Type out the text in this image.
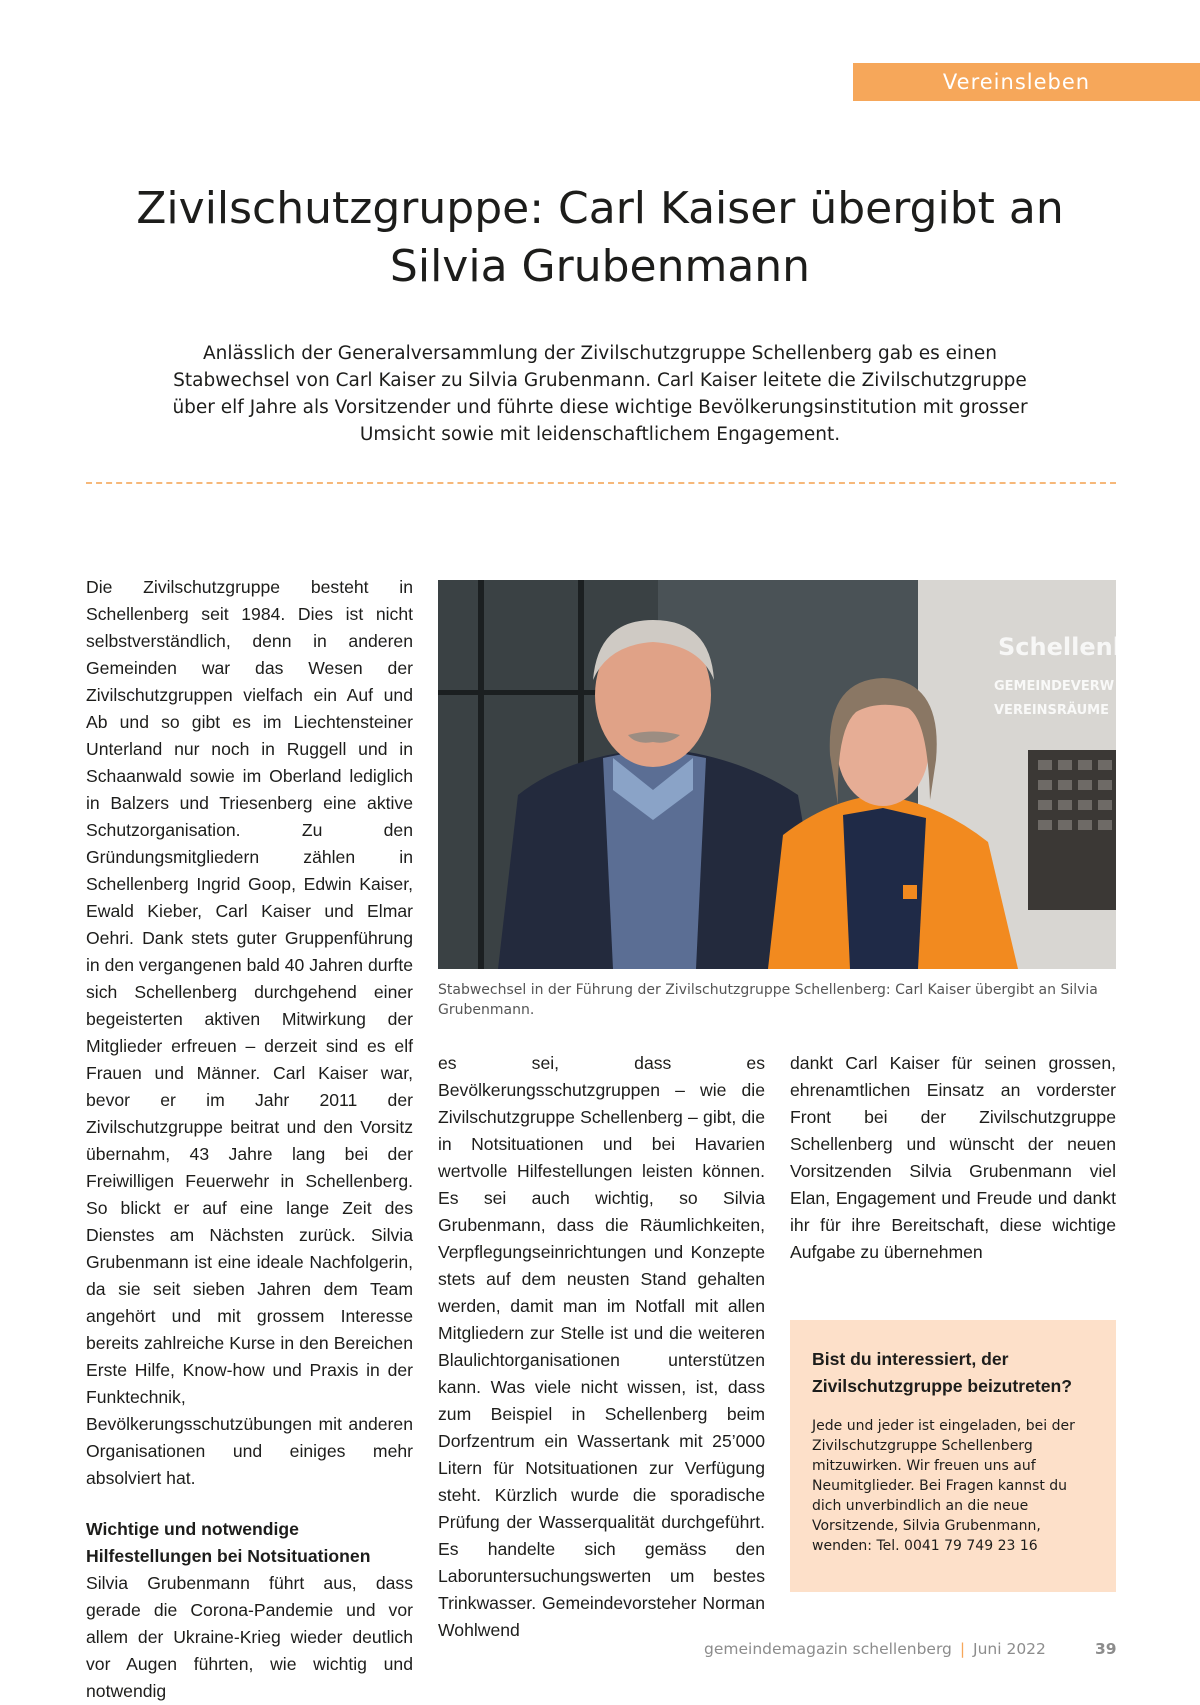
Vereinsleben
Zivilschutzgruppe: Carl Kaiser übergibt an Silvia Grubenmann

Anlässlich der Generalversammlung der Zivilschutzgruppe Schellenberg gab es einen Stabwechsel von Carl Kaiser zu Silvia Grubenmann. Carl Kaiser leitete die Zivilschutzgruppe über elf Jahre als Vorsitzender und führte diese wichtige Bevölkerungsinstitution mit grosser Umsicht sowie mit leidenschaftlichem Engagement.

Die Zivilschutzgruppe besteht in Schellenberg seit 1984. Dies ist nicht selbstverständlich, denn in anderen Gemeinden war das Wesen der Zivilschutzgruppen vielfach ein Auf und Ab und so gibt es im Liechtensteiner Unterland nur noch in Ruggell und in Schaanwald sowie im Oberland lediglich in Balzers und Triesenberg eine aktive Schutzorganisation. Zu den Gründungsmitgliedern zählen in Schellenberg Ingrid Goop, Edwin Kaiser, Ewald Kieber, Carl Kaiser und Elmar Oehri. Dank stets guter Gruppenführung in den vergangenen bald 40 Jahren durfte sich Schellenberg durchgehend einer begeisterten aktiven Mitwirkung der Mitglieder erfreuen – derzeit sind es elf Frauen und Männer. Carl Kaiser war, bevor er im Jahr 2011 der Zivilschutzgruppe beitrat und den Vorsitz übernahm, 43 Jahre lang bei der Freiwilligen Feuerwehr in Schellenberg. So blickt er auf eine lange Zeit des Dienstes am Nächsten zurück. Silvia Grubenmann ist eine ideale Nachfolgerin, da sie seit sieben Jahren dem Team angehört und mit grossem Interesse bereits zahlreiche Kurse in den Bereichen Erste Hilfe, Know-how und Praxis in der Funktechnik, Bevölkerungsschutzübungen mit anderen Organisationen und einiges mehr absolviert hat.

Wichtige und notwendige Hilfestellungen bei Notsituationen

Silvia Grubenmann führt aus, dass gerade die Corona-Pandemie und vor allem der Ukraine-Krieg wieder deutlich vor Augen führten, wie wichtig und notwendig

Schellenb
GEMEINDEVERW
VEREINSRÄUME

Stabwechsel in der Führung der Zivilschutzgruppe Schellenberg: Carl Kaiser übergibt an Silvia Grubenmann.

es sei, dass es Bevölkerungsschutzgruppen – wie die Zivilschutzgruppe Schellenberg – gibt, die in Notsituationen und bei Havarien wertvolle Hilfestellungen leisten können. Es sei auch wichtig, so Silvia Grubenmann, dass die Räumlichkeiten, Verpflegungseinrichtungen und Konzepte stets auf dem neusten Stand gehalten werden, damit man im Notfall mit allen Mitgliedern zur Stelle ist und die weiteren Blaulichtorganisationen unterstützen kann. Was viele nicht wissen, ist, dass zum Beispiel in Schellenberg beim Dorfzentrum ein Wassertank mit 25’000 Litern für Notsituationen zur Verfügung steht. Kürzlich wurde die sporadische Prüfung der Wasserqualität durchgeführt. Es handelte sich gemäss den Laboruntersuchungswerten um bestes Trinkwasser. Gemeindevorsteher Norman Wohlwend

dankt Carl Kaiser für seinen grossen, ehrenamtlichen Einsatz an vorderster Front bei der Zivilschutzgruppe Schellenberg und wünscht der neuen Vorsitzenden Silvia Grubenmann viel Elan, Engagement und Freude und dankt ihr für ihre Bereitschaft, diese wichtige Aufgabe zu übernehmen

Bist du interessiert, der Zivilschutzgruppe beizutreten?

Jede und jeder ist eingeladen, bei der Zivilschutzgruppe Schellenberg mitzuwirken. Wir freuen uns auf Neumitglieder. Bei Fragen kannst du dich unverbindlich an die neue Vorsitzende, Silvia Grubenmann, wenden: Tel. 0041 79 749 23 16

gemeindemagazin schellenberg | Juni 2022	39
